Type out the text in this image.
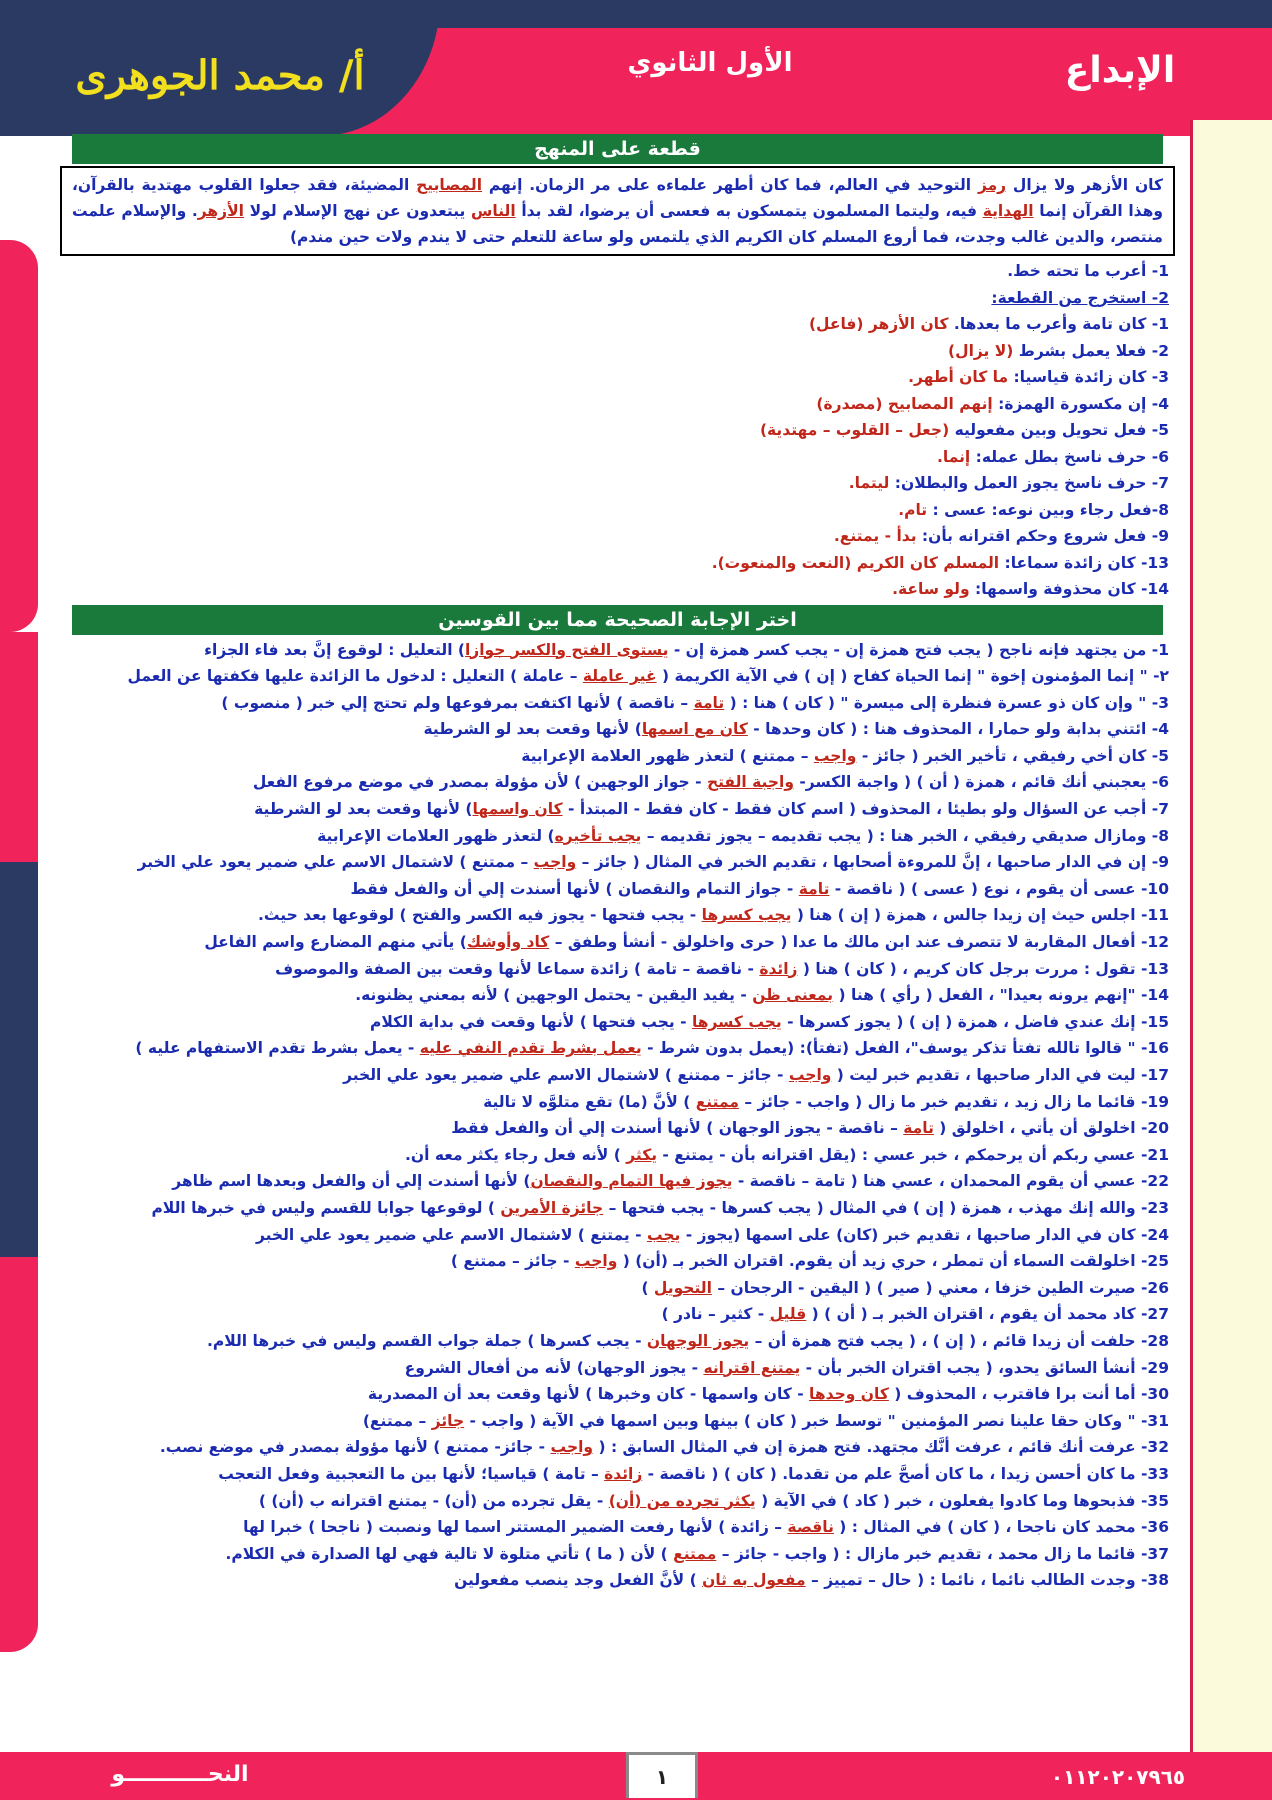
أ/ محمد الجوهرى	الأول الثانوي	الإبداع
قطعة على المنهج
كان الأزهر ولا يزال رمز التوحيد في العالم، فما كان أطهر علماءه على مر الزمان. إنهم المصابيح المضيئة، فقد جعلوا القلوب مهتدية بالقرآن، وهذا القرآن إنما الهداية فيه، وليتما المسلمون يتمسكون به فعسى أن يرضوا، لقد بدأ الناس يبتعدون عن نهج الإسلام لولا الأزهر. والإسلام علمت منتصر، والدين غالب وجدت، فما أروع المسلم كان الكريم الذي يلتمس ولو ساعة للتعلم حتى لا يندم ولات حين مندم)
1- أعرب ما تحته خط.
2- استخرج من القطعة:
1- كان تامة وأعرب ما بعدها. كان الأزهر (فاعل)
2- فعلا يعمل بشرط (لا يزال)
3- كان زائدة قياسيا: ما كان أطهر.
4- إن مكسورة الهمزة: إنهم المصابيح (مصدرة)
5- فعل تحويل وبين مفعوليه (جعل – القلوب – مهتدية)
6- حرف ناسخ بطل عمله: إنما.
7- حرف ناسخ يجوز العمل والبطلان: ليتما.
8-فعل رجاء وبين نوعه: عسى : تام.
9- فعل شروع وحكم اقترانه بأن: بدأ - يمتنع.
13- كان زائدة سماعا: المسلم كان الكريم (النعت والمنعوت).
14- كان محذوفة واسمها: ولو ساعة.
اختر الإجابة الصحيحة مما بين القوسين
1- من يجتهد فإنه ناجح ( يجب فتح همزة إن - يجب كسر همزة إن - يستوى الفتح والكسر جوازا) التعليل : لوقوع إنَّ بعد فاء الجزاء
٢- " إنما المؤمنون إخوة " إنما الحياة كفاح ( إن ) في الآية الكريمة ( غير عاملة – عاملة ) التعليل : لدخول ما الزائدة عليها فكفتها عن العمل
3- " وإن كان ذو عسرة فنظرة إلى ميسرة " ( كان ) هنا : ( تامة – ناقصة ) لأنها اكتفت بمرفوعها ولم تحتج إلي خبر ( منصوب )
4- ائتني بدابة ولو حمارا ، المحذوف هنا : ( كان وحدها - كان مع اسمها) لأنها وقعت بعد لو الشرطية
5- كان أخي رفيقي ، تأخير الخبر ( جائز - واجب – ممتنع ) لتعذر ظهور العلامة الإعرابية
6- يعجبني أنك قائم ، همزة ( أن ) ( واجبة الكسر- واجبة الفتح - جواز الوجهين ) لأن مؤولة بمصدر في موضع مرفوع الفعل
7- أجب عن السؤال ولو بطيئا ، المحذوف ( اسم كان فقط - كان فقط - المبتدأ - كان واسمها) لأنها وقعت بعد لو الشرطية
8- ومازال صديقي رفيقي ، الخبر هنا : ( يجب تقديمه – يجوز تقديمه – يجب تأخيره) لتعذر ظهور العلامات الإعرابية
9- إن في الدار صاحبها ، إنَّ للمروءة أصحابها ، تقديم الخبر في المثال ( جائز – واجب – ممتنع ) لاشتمال الاسم علي ضمير يعود علي الخبر
10- عسى أن يقوم ، نوع ( عسى ) ( ناقصة - تامة - جواز التمام والنقصان ) لأنها أسندت إلي أن والفعل فقط
11- اجلس حيث إن زيدا جالس ، همزة ( إن ) هنا ( يجب كسرها - يجب فتحها - يجوز فيه الكسر والفتح ) لوقوعها بعد حيث.
12- أفعال المقاربة لا تتصرف عند ابن مالك ما عدا ( حرى واخلولق - أنشأ وطفق – كاد وأوشك) يأتي منهم المضارع واسم الفاعل
13- تقول : مررت برجل كان كريم ، ( كان ) هنا ( زائدة - ناقصة – تامة ) زائدة سماعا لأنها وقعت بين الصفة والموصوف
14- "إنهم يرونه بعيدا" ، الفعل ( رأي ) هنا ( بمعنى ظن - يفيد اليقين - يحتمل الوجهين ) لأنه بمعني يظنونه.
15- إنك عندي فاضل ، همزة ( إن ) ( يجوز كسرها - يجب كسرها - يجب فتحها ) لأنها وقعت في بداية الكلام
16- " قالوا تالله تفتأ تذكر يوسف"، الفعل (تفتأ): (يعمل بدون شرط - يعمل بشرط تقدم النفي عليه - يعمل بشرط تقدم الاستفهام عليه )
17- ليت في الدار صاحبها ، تقديم خبر ليت ( واجب - جائز – ممتنع ) لاشتمال الاسم علي ضمير يعود علي الخبر
19- قائما ما زال زيد ، تقديم خبر ما زال ( واجب - جائز – ممتنع ) لأنَّ (ما) تقع متلوَّه لا تالية
20- اخلولق أن يأتي ، اخلولق ( تامة – ناقصة - يجوز الوجهان ) لأنها أسندت إلي أن والفعل فقط
21- عسي ربكم أن يرحمكم ، خبر عسي : (يقل اقترانه بأن - يمتنع - يكثر ) لأنه فعل رجاء يكثر معه أن.
22- عسي أن يقوم المحمدان ، عسي هنا ( تامة – ناقصة - يجوز فيها التمام والنقصان) لأنها أسندت إلي أن والفعل وبعدها اسم ظاهر
23- والله إنك مهذب ، همزة ( إن ) في المثال ( يجب كسرها - يجب فتحها – جائزة الأمرين ) لوقوعها جوابا للقسم وليس في خبرها اللام
24- كان في الدار صاحبها ، تقديم خبر (كان) على اسمها (يجوز - يجب - يمتنع ) لاشتمال الاسم علي ضمير يعود علي الخبر
25- اخلولقت السماء أن تمطر ، حري زيد أن يقوم. اقتران الخبر بـ (أن) ( واجب - جائز – ممتنع )
26- صيرت الطين خزفا ، معني ( صير ) ( اليقين - الرجحان – التحويل )
27- كاد محمد أن يقوم ، اقتران الخبر بـ ( أن ) ( قليل - كثير – نادر )
28- حلفت أن زيدا قائم ، ( إن ) ، ( يجب فتح همزة أن – يجوز الوجهان - يجب كسرها ) جملة جواب القسم وليس في خبرها اللام.
29- أنشأ السائق يحدو، ( يجب اقتران الخبر بأن - يمتنع اقترانه - يجوز الوجهان) لأنه من أفعال الشروع
30- أما أنت برا فاقترب ، المحذوف ( كان وحدها - كان واسمها - كان وخبرها ) لأنها وقعت بعد أن المصدرية
31- " وكان حقا علينا نصر المؤمنين " توسط خبر ( كان ) بينها وبين اسمها في الآية ( واجب - جائز – ممتنع)
32- عرفت أنك قائم ، عرفت أنَّك مجتهد. فتح همزة إن في المثال السابق : ( واجب - جائز- ممتنع ) لأنها مؤولة بمصدر في موضع نصب.
33- ما كان أحسن زيدا ، ما كان أصحَّ علم من تقدما. ( كان ) ( ناقصة - زائدة – تامة ) قياسيا؛ لأنها بين ما التعجبية وفعل التعجب
35- فذبحوها وما كادوا يفعلون ، خبر ( كاد ) في الآية ( يكثر تجرده من (أن) - يقل تجرده من (أن) - يمتنع اقترانه ب (أن) )
36- محمد كان ناجحا ، ( كان ) في المثال : ( ناقصة – زائدة ) لأنها رفعت الضمير المستتر اسما لها ونصبت ( ناجحا ) خبرا لها
37- قائما ما زال محمد ، تقديم خبر مازال : ( واجب - جائز – ممتنع ) لأن ( ما ) تأتي متلوة لا تالية فهي لها الصدارة في الكلام.
38- وجدت الطالب نائما ، نائما : ( حال – تمييز – مفعول به ثان ) لأنَّ الفعل وجد ينصب مفعولين
٠١١٢٠٢٠٧٩٦٥
النحـــــــــــو	١
